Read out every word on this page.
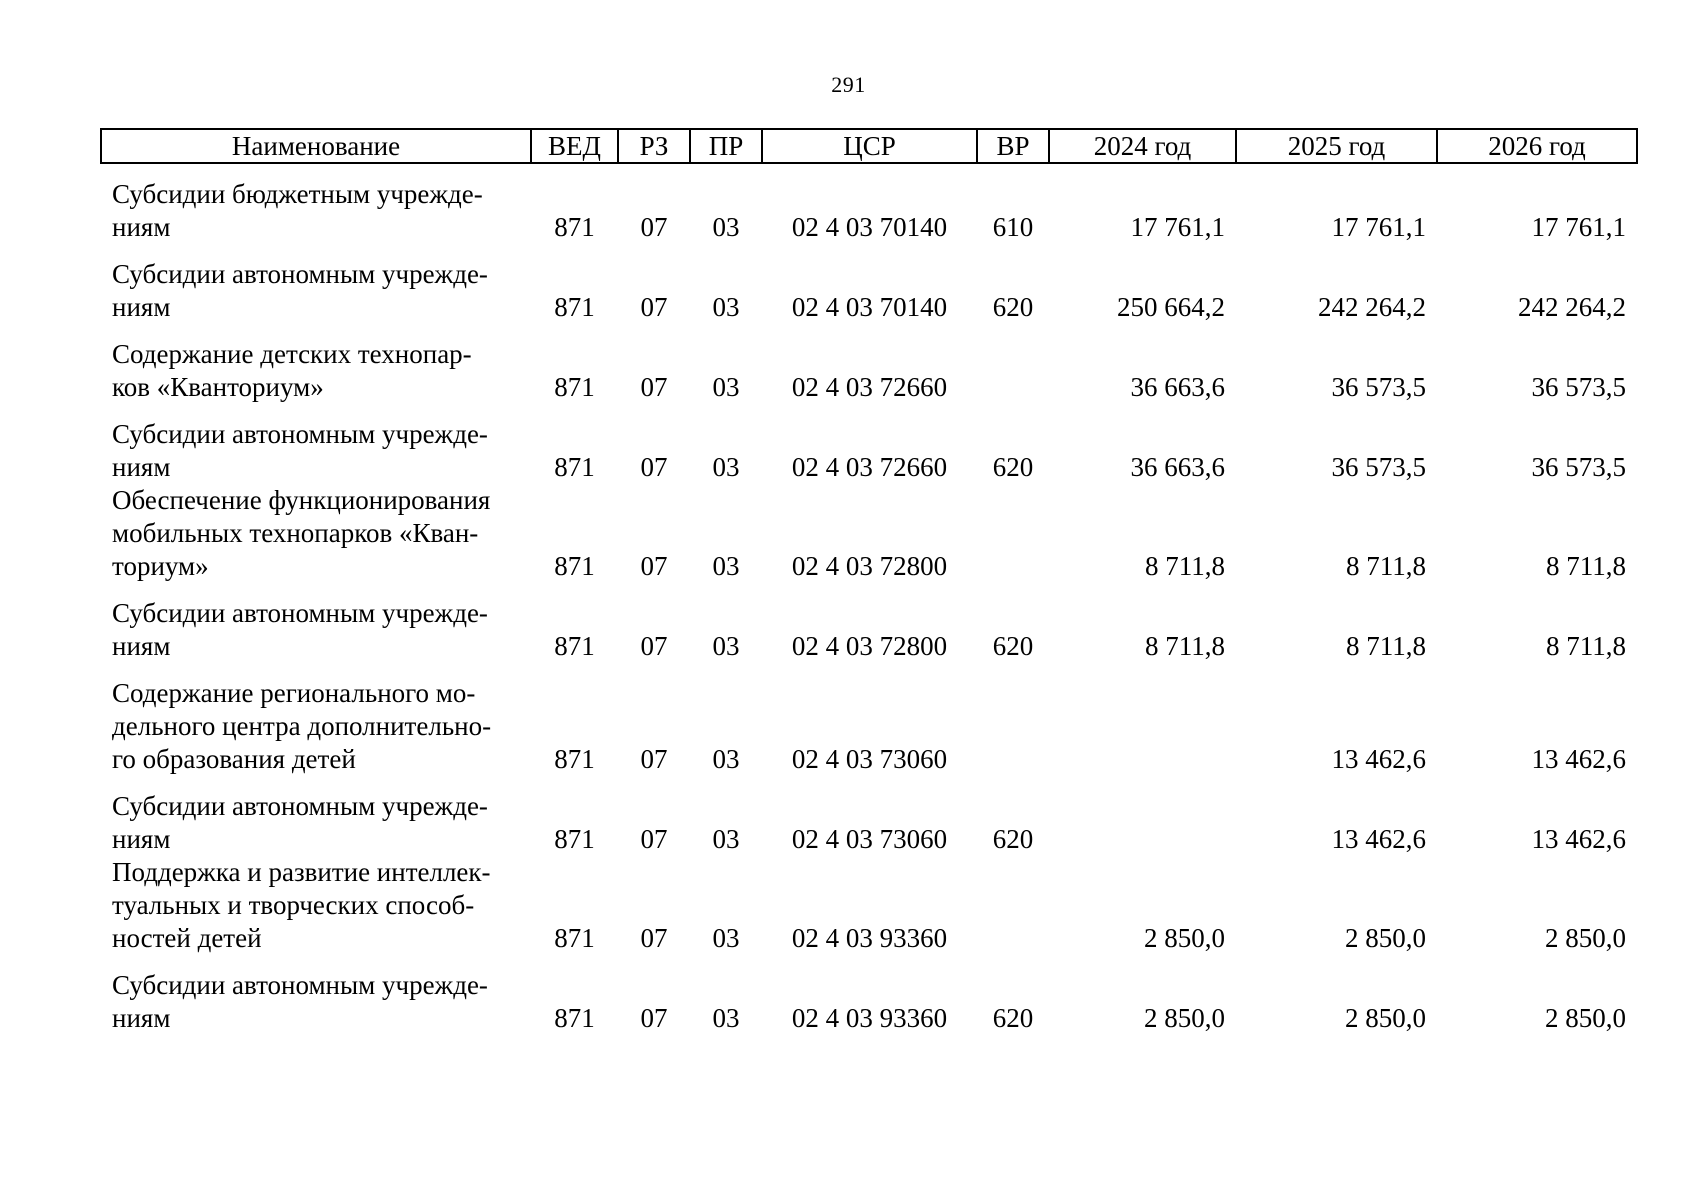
291
Наименование	ВЕД	РЗ	ПР	ЦСР	ВР	2024 год	2025 год	2026 год

Субсидии бюджетным учрежде-
ниям	871	07	03	02 4 03 70140	610	17 761,1	17 761,1	17 761,1

Субсидии автономным учрежде-
ниям	871	07	03	02 4 03 70140	620	250 664,2	242 264,2	242 264,2

Содержание детских технопар-
ков «Кванториум»	871	07	03	02 4 03 72660		36 663,6	36 573,5	36 573,5

Субсидии автономным учрежде-
ниям	871	07	03	02 4 03 72660	620	36 663,6	36 573,5	36 573,5

Обеспечение функционирования
мобильных технопарков «Кван-
ториум»	871	07	03	02 4 03 72800		8 711,8	8 711,8	8 711,8

Субсидии автономным учрежде-
ниям	871	07	03	02 4 03 72800	620	8 711,8	8 711,8	8 711,8

Содержание регионального мо-
дельного центра дополнительно-
го образования детей	871	07	03	02 4 03 73060			13 462,6	13 462,6

Субсидии автономным учрежде-
ниям	871	07	03	02 4 03 73060	620		13 462,6	13 462,6

Поддержка и развитие интеллек-
туальных и творческих способ-
ностей детей	871	07	03	02 4 03 93360		2 850,0	2 850,0	2 850,0

Субсидии автономным учрежде-
ниям	871	07	03	02 4 03 93360	620	2 850,0	2 850,0	2 850,0
